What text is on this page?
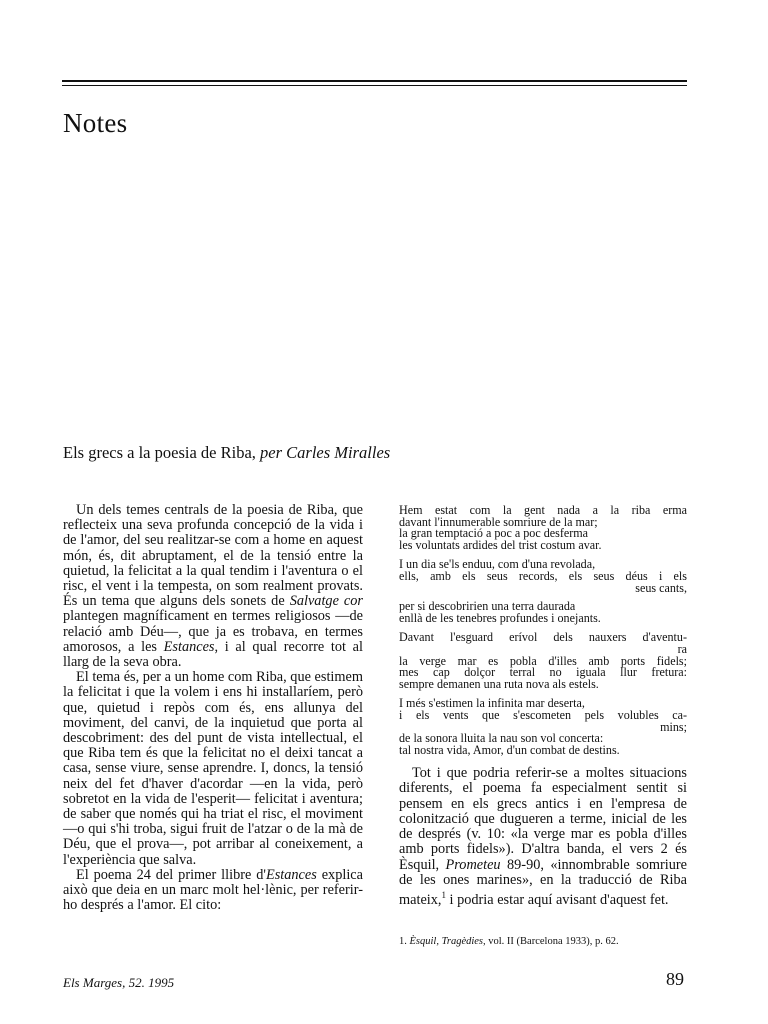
Notes
Els grecs a la poesia de Riba, per Carles Miralles

Un dels temes centrals de la poesia de Riba, que reflecteix una seva profunda concepció de la vida i de l'amor, del seu realitzar-se com a home en aquest món, és, dit abruptament, el de la tensió entre la quietud, la felicitat a la qual tendim i l'aventura o el risc, el vent i la tempesta, on som realment provats. És un tema que alguns dels sonets de Salvatge cor plantegen magníficament en termes religiosos —de relació amb Déu—, que ja es trobava, en termes amorosos, a les Estances, i al qual recorre tot al llarg de la seva obra.

El tema és, per a un home com Riba, que estimem la felicitat i que la volem i ens hi installaríem, però que, quietud i repòs com és, ens allunya del moviment, del canvi, de la inquietud que porta al descobriment: des del punt de vista intellectual, el que Riba tem és que la felicitat no el deixi tancat a casa, sense viure, sense aprendre. I, doncs, la tensió neix del fet d'haver d'acordar —en la vida, però sobretot en la vida de l'esperit— felicitat i aventura; de saber que només qui ha triat el risc, el moviment —o qui s'hi troba, sigui fruit de l'atzar o de la mà de Déu, que el prova—, pot arribar al coneixement, a l'experiència que salva.

El poema 24 del primer llibre d'Estances explica això que deia en un marc molt hel·lènic, per referir-ho després a l'amor. El cito:

Hem estat com la gent nada a la riba erma
davant l'innumerable somriure de la mar;
la gran temptació a poc a poc desferma
les voluntats ardides del trist costum avar.
I un dia se'ls enduu, com d'una revolada,
ells, amb els seus records, els seus déus i els
seus cants,
per si descobririen una terra daurada
enllà de les tenebres profundes i onejants.
Davant l'esguard erívol dels nauxers d'aventu-
ra
la verge mar es pobla d'illes amb ports fidels;
mes cap dolçor terral no iguala llur fretura:
sempre demanen una ruta nova als estels.
I més s'estimen la infinita mar deserta,
i els vents que s'escometen pels volubles ca-
mins;
de la sonora lluita la nau son vol concerta:
tal nostra vida, Amor, d'un combat de destins.

Tot i que podria referir-se a moltes situacions diferents, el poema fa especialment sentit si pensem en els grecs antics i en l'empresa de colonització que dugueren a terme, inicial de les de després (v. 10: «la verge mar es pobla d'illes amb ports fidels»). D'altra banda, el vers 2 és Èsquil, Prometeu 89-90, «innombrable somriure de les ones marines», en la traducció de Riba mateix,$^1$ i podria estar aquí avisant d'aquest fet.

1. Èsquil, Tragèdies, vol. II (Barcelona 1933), p. 62.
Els Marges, 52. 1995	89
